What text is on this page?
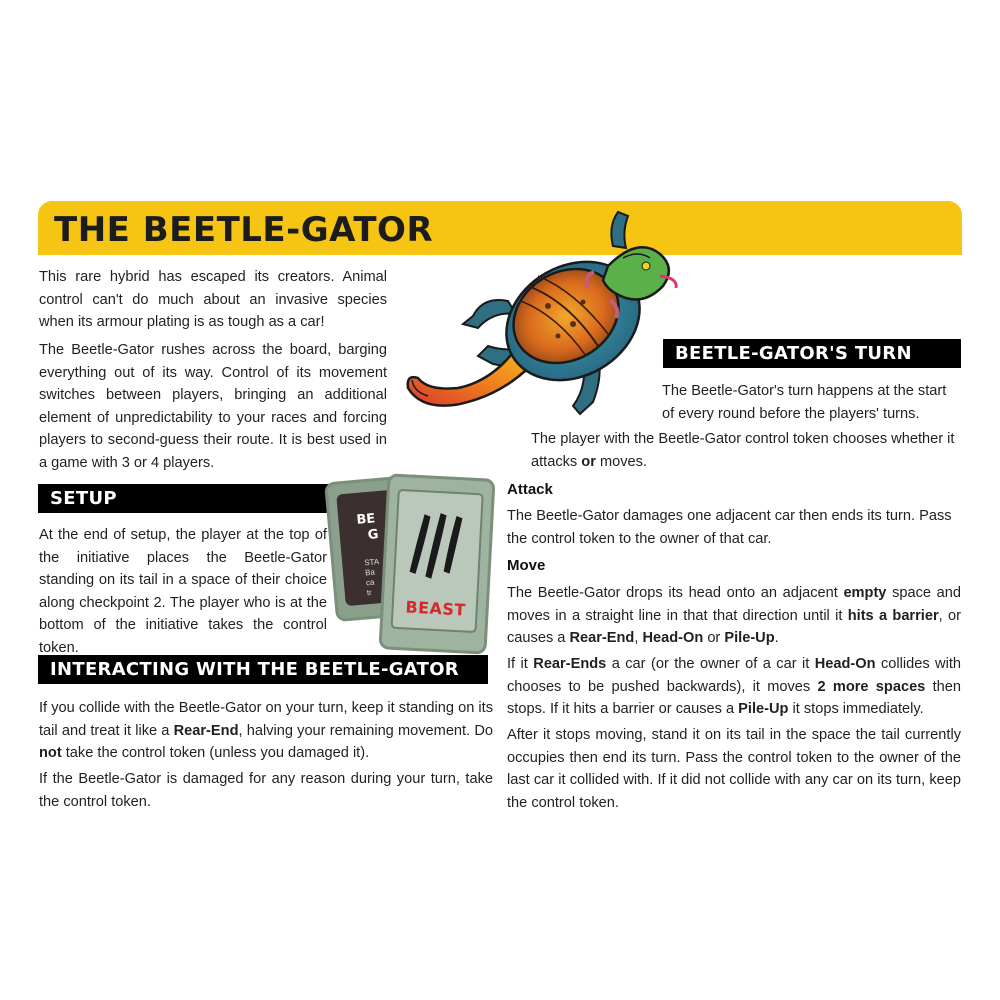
THE BEETLE-GATOR

This rare hybrid has escaped its creators. Animal control can't do much about an invasive species when its armour plating is as tough as a car!

The Beetle-Gator rushes across the board, barging everything out of its way. Control of its movement switches between players, bringing an additional element of unpredictability to your races and forcing players to second-guess their route. It is best used in a game with 3 or 4 players.

BEETLE-GATOR'S TURN

The Beetle-Gator's turn happens at the start of every round before the players' turns.

The player with the Beetle-Gator control token chooses whether it attacks or moves.

SETUP

At the end of setup, the player at the top of the initiative places the Beetle-Gator standing on its tail in a space of their choice along checkpoint 2. The player who is at the bottom of the initiative takes the control token.

BE
G
STA
Ba
ca
tr
BEAST
Attack

The Beetle-Gator damages one adjacent car then ends its turn. Pass the control token to the owner of that car.

Move

The Beetle-Gator drops its head onto an adjacent empty space and moves in a straight line in that that direction until it hits a barrier, or causes a Rear-End, Head-On or Pile-Up.

If it Rear-Ends a car (or the owner of a car it Head-On collides with chooses to be pushed backwards), it moves 2 more spaces then stops. If it hits a barrier or causes a Pile-Up it stops immediately.

After it stops moving, stand it on its tail in the space the tail currently occupies then end its turn. Pass the control token to the owner of the last car it collided with. If it did not collide with any car on its turn, keep the control token.

INTERACTING WITH THE BEETLE-GATOR

If you collide with the Beetle-Gator on your turn, keep it standing on its tail and treat it like a Rear-End, halving your remaining movement. Do not take the control token (unless you damaged it).

If the Beetle-Gator is damaged for any reason during your turn, take the control token.
